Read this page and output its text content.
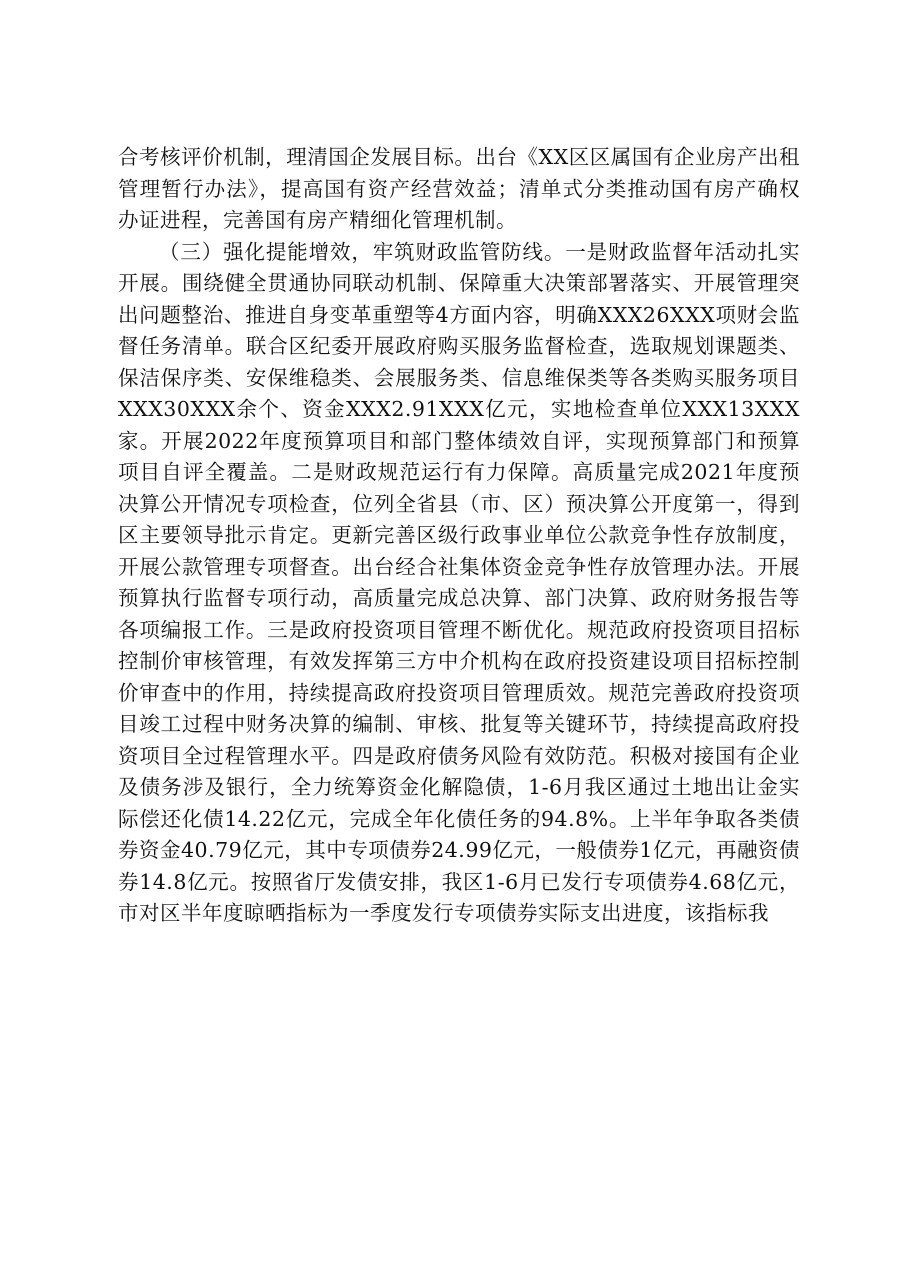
合考核评价机制，理清国企发展目标。出台《XX区区属国有企业房产出租管理暂行办法》，提高国有资产经营效益；清单式分类推动国有房产确权办证进程，完善国有房产精细化管理机制。

（三）强化提能增效，牢筑财政监管防线。一是财政监督年活动扎实开展。围绕健全贯通协同联动机制、保障重大决策部署落实、开展管理突出问题整治、推进自身变革重塑等4方面内容，明确XXX26XXX项财会监督任务清单。联合区纪委开展政府购买服务监督检查，选取规划课题类、保洁保序类、安保维稳类、会展服务类、信息维保类等各类购买服务项目XXX30XXX余个、资金XXX2.91XXX亿元，实地检查单位XXX13XXX家。开展2022年度预算项目和部门整体绩效自评，实现预算部门和预算项目自评全覆盖。二是财政规范运行有力保障。高质量完成2021年度预决算公开情况专项检查，位列全省县（市、区）预决算公开度第一，得到区主要领导批示肯定。更新完善区级行政事业单位公款竞争性存放制度，开展公款管理专项督查。出台经合社集体资金竞争性存放管理办法。开展预算执行监督专项行动，高质量完成总决算、部门决算、政府财务报告等各项编报工作。三是政府投资项目管理不断优化。规范政府投资项目招标控制价审核管理，有效发挥第三方中介机构在政府投资建设项目招标控制价审查中的作用，持续提高政府投资项目管理质效。规范完善政府投资项目竣工过程中财务决算的编制、审核、批复等关键环节，持续提高政府投资项目全过程管理水平。四是政府债务风险有效防范。积极对接国有企业及债务涉及银行，全力统筹资金化解隐债，1-6月我区通过土地出让金实际偿还化债14.22亿元，完成全年化债任务的94.8%。上半年争取各类债券资金40.79亿元，其中专项债券24.99亿元，一般债券1亿元，再融资债券14.8亿元。按照省厅发债安排，我区1-6月已发行专项债券4.68亿元，市对区半年度晾晒指标为一季度发行专项债券实际支出进度，该指标我
